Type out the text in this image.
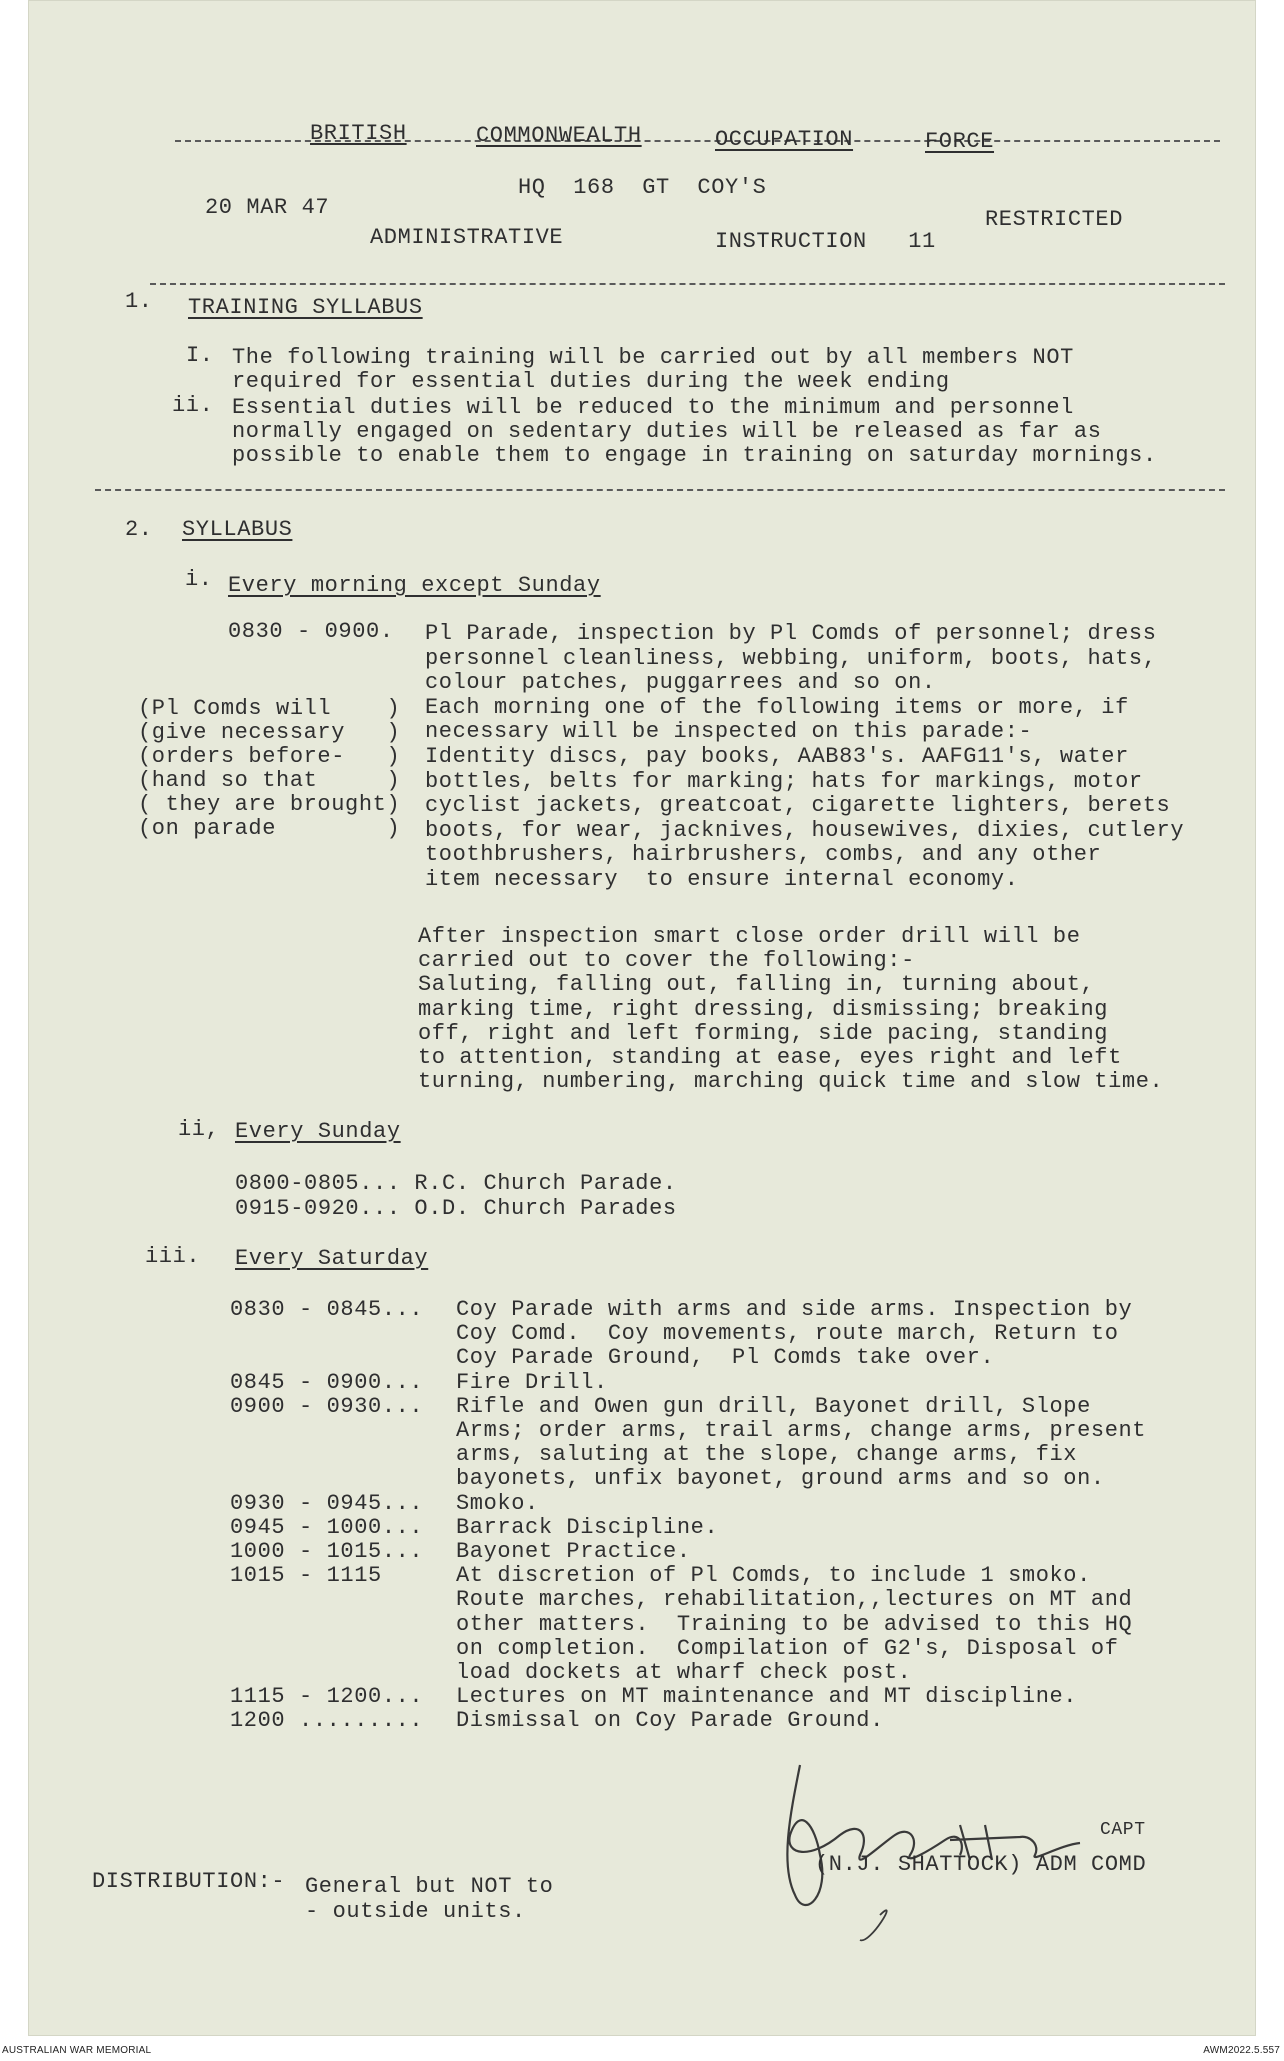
BRITISH	COMMONWEALTH	OCCUPATION	FORCE
HQ  168  GT  COY'S
20 MAR 47	RESTRICTED
ADMINISTRATIVE	INSTRUCTION   11
1. TRAINING SYLLABUS
I. The following training will be carried out by all members NOT
required for essential duties during the week ending
ii. Essential duties will be reduced to the minimum and personnel
normally engaged on sedentary duties will be released as far as
possible to enable them to engage in training on saturday mornings.
2. SYLLABUS
i. Every morning except Sunday
0830 - 0900. Pl Parade, inspection by Pl Comds of personnel; dress
personnel cleanliness, webbing, uniform, boots, hats,
colour patches, puggarrees and so on.
Each morning one of the following items or more, if
necessary will be inspected on this parade:-
Identity discs, pay books, AAB83's. AAFG11's, water
bottles, belts for marking; hats for markings, motor
cyclist jackets, greatcoat, cigarette lighters, berets
boots, for wear, jacknives, housewives, dixies, cutlery
toothbrushers, hairbrushers, combs, and any other
item necessary  to ensure internal economy.
(Pl Comds will    )
(give necessary   )
(orders before-   )
(hand so that     )
( they are brought)
(on parade        )
After inspection smart close order drill will be
carried out to cover the following:-
Saluting, falling out, falling in, turning about,
marking time, right dressing, dismissing; breaking
off, right and left forming, side pacing, standing
to attention, standing at ease, eyes right and left
turning, numbering, marching quick time and slow time.
ii, Every Sunday
0800-0805... R.C. Church Parade.
0915-0920... O.D. Church Parades
iii. Every Saturday
0830 - 0845... Coy Parade with arms and side arms. Inspection by
Coy Comd.  Coy movements, route march, Return to
Coy Parade Ground,  Pl Comds take over.
0845 - 0900... Fire Drill.
0900 - 0930... Rifle and Owen gun drill, Bayonet drill, Slope
Arms; order arms, trail arms, change arms, present
arms, saluting at the slope, change arms, fix
bayonets, unfix bayonet, ground arms and so on.
0930 - 0945... Smoko.
0945 - 1000... Barrack Discipline.
1000 - 1015... Bayonet Practice.
1015 - 1115	At discretion of Pl Comds, to include 1 smoko.
Route marches, rehabilitation,,lectures on MT and
other matters.  Training to be advised to this HQ
on completion.  Compilation of G2's, Disposal of
load dockets at wharf check post.
1115 - 1200... Lectures on MT maintenance and MT discipline.
1200 ......... Dismissal on Coy Parade Ground.
CAPT
(N.J. SHATTOCK) ADM COMD
DISTRIBUTION:- General but NOT to
- outside units.
AUSTRALIAN WAR MEMORIAL	AWM2022.5.557
